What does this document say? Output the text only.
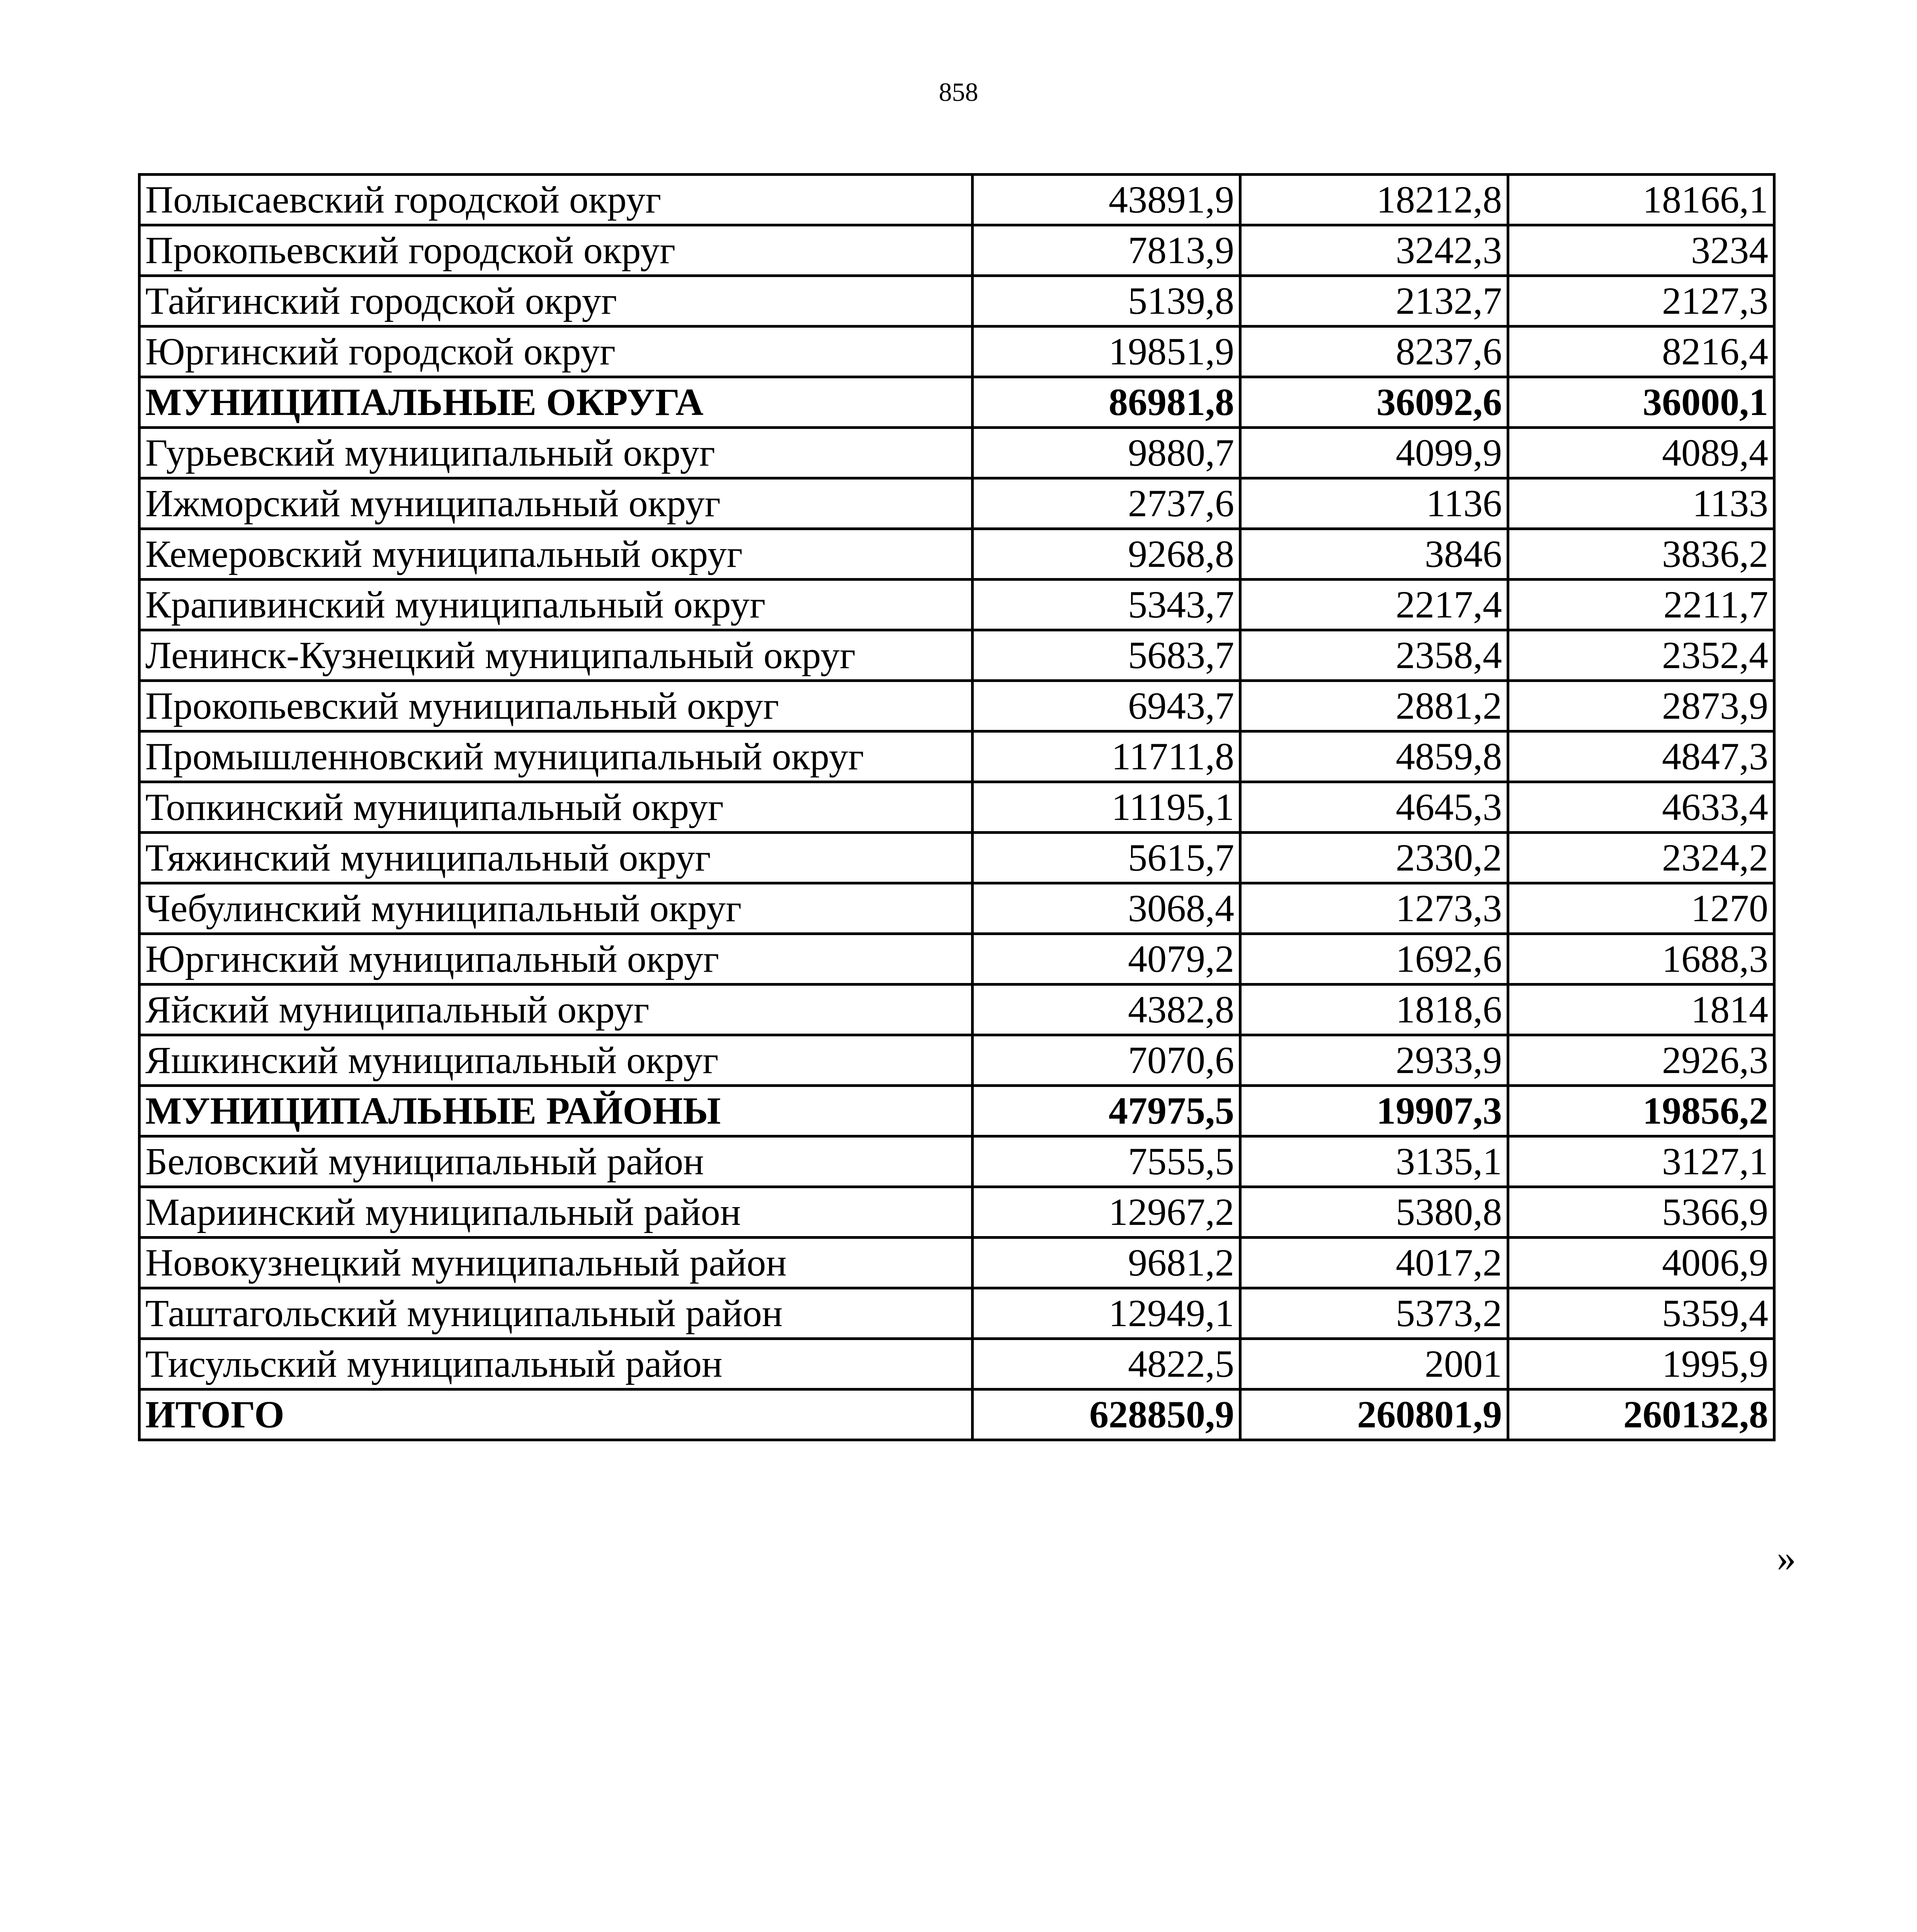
858
Полысаевский городской округ	43891,9	18212,8	18166,1
Прокопьевский городской округ	7813,9	3242,3	3234
Тайгинский городской округ	5139,8	2132,7	2127,3
Юргинский городской округ	19851,9	8237,6	8216,4
МУНИЦИПАЛЬНЫЕ ОКРУГА	86981,8	36092,6	36000,1
Гурьевский муниципальный округ	9880,7	4099,9	4089,4
Ижморский муниципальный округ	2737,6	1136	1133
Кемеровский муниципальный округ	9268,8	3846	3836,2
Крапивинский муниципальный округ	5343,7	2217,4	2211,7
Ленинск-Кузнецкий муниципальный округ	5683,7	2358,4	2352,4
Прокопьевский муниципальный округ	6943,7	2881,2	2873,9
Промышленновский муниципальный округ	11711,8	4859,8	4847,3
Топкинский муниципальный округ	11195,1	4645,3	4633,4
Тяжинский муниципальный округ	5615,7	2330,2	2324,2
Чебулинский муниципальный округ	3068,4	1273,3	1270
Юргинский муниципальный округ	4079,2	1692,6	1688,3
Яйский муниципальный округ	4382,8	1818,6	1814
Яшкинский муниципальный округ	7070,6	2933,9	2926,3
МУНИЦИПАЛЬНЫЕ РАЙОНЫ	47975,5	19907,3	19856,2
Беловский муниципальный район	7555,5	3135,1	3127,1
Мариинский муниципальный район	12967,2	5380,8	5366,9
Новокузнецкий муниципальный район	9681,2	4017,2	4006,9
Таштагольский муниципальный район	12949,1	5373,2	5359,4
Тисульский муниципальный район	4822,5	2001	1995,9
ИТОГО	628850,9	260801,9	260132,8
»
